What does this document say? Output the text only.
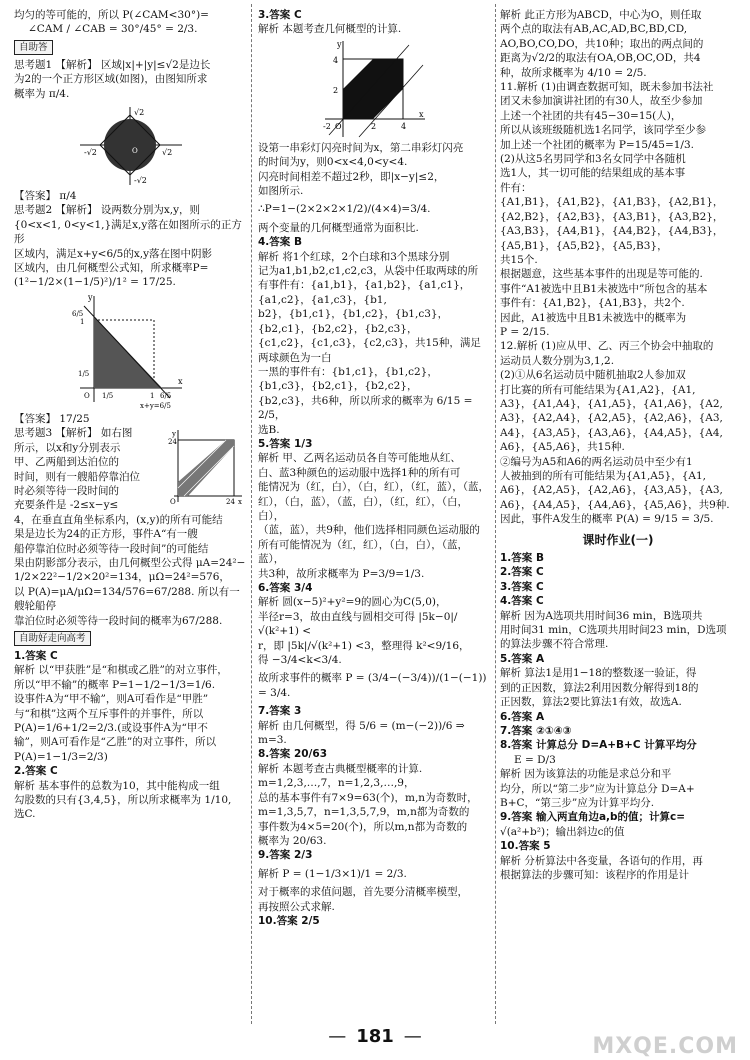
均匀的等可能的，所以 P(∠CAM<30°)=

∠CAM / ∠CAB = 30°/45° = 2/3.

自助答

思考题1 【解析】 区域|x|+|y|≤√2是边长

为2的一个正方形区域(如图)，由图知所求

概率为 π/4.

√2
-√2	√2
-√2
O

【答案】 π/4

思考题2 【解析】 设两数分别为x,y，则

{0<x<1, 0<y<1,}满足x,y落在如图所示的正方形

区域内，满足x+y<6/5的x,y落在图中阴影

区域内，由几何概型公式知，所求概率P=

(1²−1/2×(1−1/5)²)/1² = 17/25.

y
6/5
1
1/5
O 1/5	1 6/5
x
x+y=6/5

【答案】 17/25

y
24
O	24 x

思考题3 【解析】 如右图

所示，以x和y分别表示

甲、乙两船到达泊位的

时间，则有一艘船停靠泊位

时必须等待一段时间的

充要条件是 -2≤x−y≤

4，在垂直直角坐标系内，(x,y)的所有可能结

果是边长为24的正方形，事件A“有一艘

船停靠泊位时必须等待一段时间”的可能结

果由阴影部分表示，由几何概型公式得 μA=24²−

1/2×22²−1/2×20²=134，μΩ=24²=576，

以 P(A)=μA/μΩ=134/576=67/288. 所以有一艘轮船停

靠泊位时必须等待一段时间的概率为67/288.

自助好走向高考

1.答案 C

解析 以“甲获胜”是“和棋或乙胜”的对立事件，

所以“甲不输”的概率 P=1−1/2−1/3=1/6.

设事件A为“甲不输”，则A可看作是“甲胜”

与“和棋”这两个互斥事件的并事件，所以

P(A)=1/6+1/2=2/3.(或设事件A为“甲不

输”，则A可看作是“乙胜”的对立事件，所以

P(A)=1−1/3=2/3)

2.答案 C

解析 基本事件的总数为10，其中能构成一组

勾股数的只有{3,4,5}，所以所求概率为 1/10,

选C.

3.答案 C

解析 本题考查几何概型的计算.

y
4
2
O	2	4
x
-2

设第一串彩灯闪亮时间为x，第二串彩灯闪亮

的时间为y，则0<x<4,0<y<4.

闪亮时间相差不超过2秒，即|x−y|≤2，

如图所示.

∴P=1−(2×2×2×1/2)/(4×4)=3/4.

两个变量的几何概型通常为面积比.

4.答案 B

解析 将1个红球，2个白球和3个黑球分别

记为a1,b1,b2,c1,c2,c3，从袋中任取两球的所

有事件有：{a1,b1}，{a1,b2}，{a1,c1}，{a1,c2}，{a1,c3}，{b1,

b2}，{b1,c1}，{b1,c2}，{b1,c3}，{b2,c1}，{b2,c2}，{b2,c3}，

{c1,c2}，{c1,c3}，{c2,c3}，共15种，满足两球颜色为一白

一黑的事件有：{b1,c1}，{b1,c2}，{b1,c3}，{b2,c1}，{b2,c2}，

{b2,c3}，共6种，所以所求的概率为 6/15 = 2/5，

选B.

5.答案 1/3

解析 甲、乙两名运动员各自等可能地从红、

白、蓝3种颜色的运动服中选择1种的所有可

能情况为（红，白），（白，红），（红，蓝），（蓝，

红），（白，蓝），（蓝，白），（红，红），（白，白），

（蓝，蓝），共9种，他们选择相同颜色运动服的

所有可能情况为（红，红），（白，白），（蓝，蓝），

共3种，故所求概率为 P=3/9=1/3.

6.答案 3/4

解析 圆(x−5)²+y²=9的圆心为C(5,0)，

半径r=3，故由直线与圆相交可得 |5k−0|/√(k²+1) <

r，即 |5k|/√(k²+1) <3，整理得 k²<9/16，

得 −3/4<k<3/4.

故所求事件的概率 P = (3/4−(−3/4))/(1−(−1)) = 3/4.

7.答案 3

解析 由几何概型，得 5/6 = (m−(−2))/6 ⇒ m=3.

8.答案 20/63

解析 本题考查古典概型概率的计算.

m=1,2,3,…,7，n=1,2,3,…,9，

总的基本事件有7×9=63(个)，m,n为奇数时，

m=1,3,5,7，n=1,3,5,7,9，m,n都为奇数的

事件数为4×5=20(个)，所以m,n都为奇数的

概率为 20/63.

9.答案 2/3

解析 P = (1−1/3×1)/1 = 2/3.

对于概率的求值问题，首先要分清概率模型，

再按照公式求解.

10.答案 2/5

解析 此正方形为ABCD，中心为O，则任取

两个点的取法有AB,AC,AD,BC,BD,CD,

AO,BO,CO,DO，共10种；取出的两点间的

距离为√2/2的取法有OA,OB,OC,OD，共4

种，故所求概率为 4/10 = 2/5.

11.解析 (1)由调查数据可知，既未参加书法社

团又未参加演讲社团的有30人，故至少参加

上述一个社团的共有45−30=15(人)，

所以从该班级随机选1名同学，该同学至少参

加上述一个社团的概率为 P=15/45=1/3.

(2)从这5名男同学和3名女同学中各随机

选1人，其一切可能的结果组成的基本事

件有：

{A1,B1}，{A1,B2}，{A1,B3}，{A2,B1}，

{A2,B2}，{A2,B3}，{A3,B1}，{A3,B2}，

{A3,B3}，{A4,B1}，{A4,B2}，{A4,B3}，

{A5,B1}，{A5,B2}，{A5,B3}，

共15个.

根据题意，这些基本事件的出现是等可能的.

事件“A1被选中且B1未被选中”所包含的基本

事件有：{A1,B2}，{A1,B3}，共2个.

因此，A1被选中且B1未被选中的概率为

P = 2/15.

12.解析 (1)应从甲、乙、丙三个协会中抽取的

运动员人数分别为3,1,2.

(2)①从6名运动员中随机抽取2人参加双

打比赛的所有可能结果为{A1,A2}，{A1,

A3}，{A1,A4}，{A1,A5}，{A1,A6}，{A2,

A3}，{A2,A4}，{A2,A5}，{A2,A6}，{A3,

A4}，{A3,A5}，{A3,A6}，{A4,A5}，{A4,

A6}，{A5,A6}，共15种.

②编号为A5和A6的两名运动员中至少有1

人被抽到的所有可能结果为{A1,A5}，{A1,

A6}，{A2,A5}，{A2,A6}，{A3,A5}，{A3,

A6}，{A4,A5}，{A4,A6}，{A5,A6}，共9种.

因此，事件A发生的概率 P(A) = 9/15 = 3/5.

课时作业(一)

1.答案 B

2.答案 C

3.答案 C

4.答案 C

解析 因为A选项共用时间36 min，B选项共

用时间31 min，C选项共用时间23 min，D选项

的算法步骤不符合常理.

5.答案 A

解析 算法1是用1−18的整数逐一验证，得

到的正因数，算法2利用因数分解得到18的

正因数，算法2要比算法1有效，故选A.

6.答案 A

7.答案 ②①④③

8.答案 计算总分 D=A+B+C 计算平均分

E = D/3

解析 因为该算法的功能是求总分和平

均分，所以“第二步”应为计算总分 D=A+

B+C，“第三步”应为计算平均分.

9.答案 输入两直角边a,b的值；计算c=

√(a²+b²)；输出斜边c的值

10.答案 5

解析 分析算法中各变量，各语句的作用，再

根据算法的步骤可知：该程序的作用是计

— 181 —	MXQE.COM
